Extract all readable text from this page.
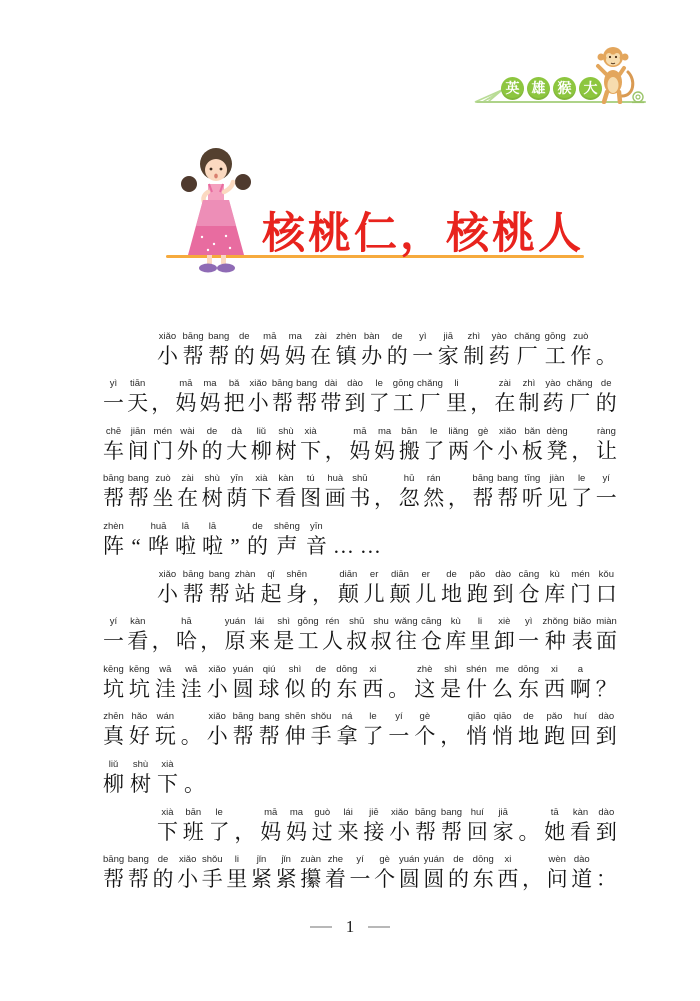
英 雄 猴 大
核桃仁，核桃人
xiǎo
小
bāng
帮
bang
帮
de
的
mā
妈
ma
妈
zài
在
zhèn
镇
bàn
办
de
的
yì
一
jiā
家
zhì
制
yào
药
chǎng
厂
gōng
工
zuò
作 。
yì
一
tiān
天 ，
mā
妈
ma
妈
bǎ
把
xiǎo
小
bāng
帮
bang
帮
dài
带
dào
到
le
了
gōng
工
chǎng
厂
li
里 ，
zài
在
zhì
制
yào
药
chǎng
厂
de
的
chē
车
jiān
间
mén
门
wài
外
de
的
dà
大
liǔ
柳
shù
树
xià
下 ，
mā
妈
ma
妈
bān
搬
le
了
liǎng
两
gè
个
xiǎo
小
bǎn
板
dèng
凳 ，
ràng
让
bāng
帮
bang
帮
zuò
坐
zài
在
shù
树
yīn
荫
xià
下
kàn
看
tú
图
huà
画
shū
书 ，
hū
忽
rán
然 ，
bāng
帮
bang
帮
tīng
听
jiàn
见
le
了
yí
一
zhèn
阵 “
huā
哗
lā
啦
lā
啦 ”
de
的
shēng
声
yīn
音 … …
xiǎo
小
bāng
帮
bang
帮
zhàn
站
qǐ
起
shēn
身 ，
diān
颠
er
儿
diān
颠
er
儿
de
地
pǎo
跑
dào
到
cāng
仓
kù
库
mén
门
kǒu
口
yí
一
kàn
看 ，
hā
哈 ，
yuán
原
lái
来
shì
是
gōng
工
rén
人
shū
叔
shu
叔
wǎng
往
cāng
仓
kù
库
li
里
xiè
卸
yì
一
zhǒng
种
biǎo
表
miàn
面
kēng
坑
kēng
坑
wā
洼
wā
洼
xiǎo
小
yuán
圆
qiú
球
shì
似
de
的
dōng
东
xi
西 。
zhè
这
shì
是
shén
什
me
么
dōng
东
xi
西
a
啊 ？
zhēn
真
hǎo
好
wán
玩 。
xiǎo
小
bāng
帮
bang
帮
shēn
伸
shǒu
手
ná
拿
le
了
yí
一
gè
个 ，
qiāo
悄
qiāo
悄
de
地
pǎo
跑
huí
回
dào
到
liǔ
柳
shù
树
xià
下 。
xià
下
bān
班
le
了 ，
mā
妈
ma
妈
guò
过
lái
来
jiē
接
xiǎo
小
bāng
帮
bang
帮
huí
回
jiā
家 。
tā
她
kàn
看
dào
到
bāng
帮
bang
帮
de
的
xiǎo
小
shǒu
手
li
里
jǐn
紧
jǐn
紧
zuàn
攥
zhe
着
yí
一
gè
个
yuán
圆
yuán
圆
de
的
dōng
东
xi
西 ，
wèn
问
dào
道 ：
1
